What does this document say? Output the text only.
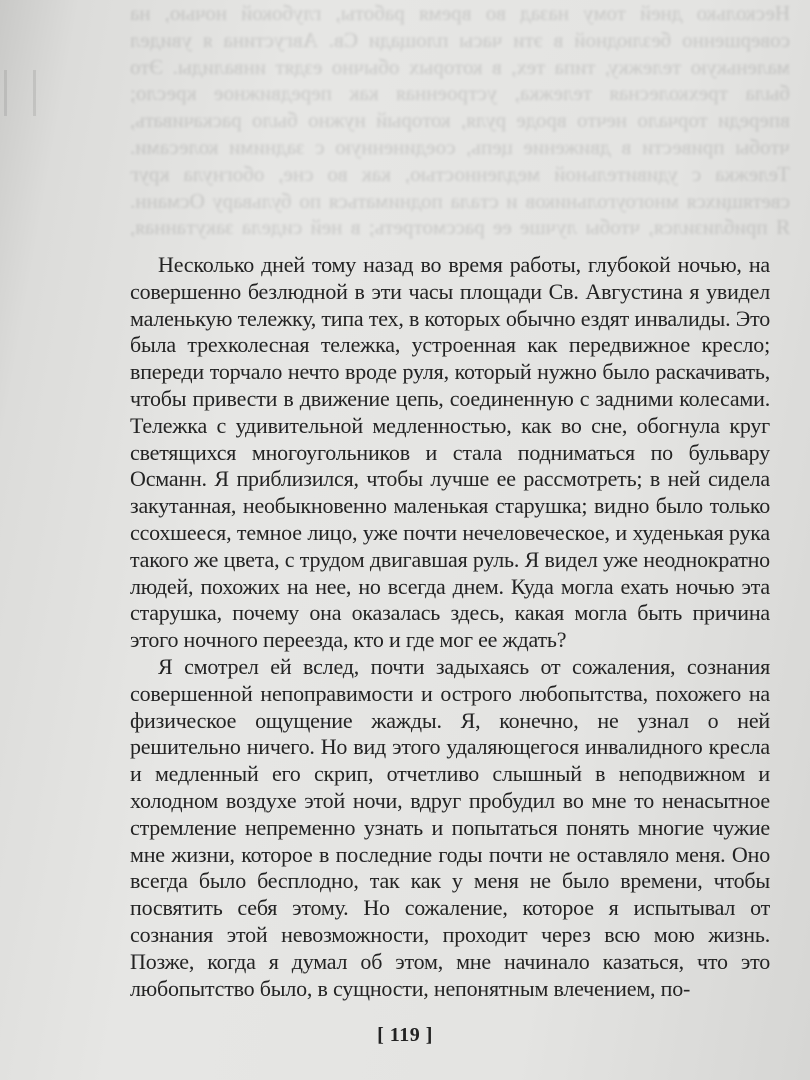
Несколько дней тому назад во время работы, глубокой ночью, на совершенно безлюдной в эти часы площади Св. Августина я увидел маленькую тележку, типа тех, в которых обычно ездят инвалиды. Это была трехколесная тележка, устроенная как передвижное кресло; впереди торчало нечто вроде руля, который нужно было раскачивать, чтобы привести в движение цепь, соединенную с задними колесами. Тележка с удивительной медленностью, как во сне, обогнула круг светящихся многоугольников и стала подниматься по бульвару Османн. Я приблизился, чтобы лучше ее рассмотреть; в ней сидела закутанная,

Несколько дней тому назад во время работы, глубокой ночью, на совершенно безлюдной в эти часы площади Св. Августина я увидел маленькую тележку, типа тех, в которых обычно ездят инвалиды. Это была трехколесная тележка, устроенная как передвижное кресло; впереди торчало нечто вроде руля, который нужно было раскачивать, чтобы привести в движение цепь, соединенную с задними колесами. Тележка с удивительной медленностью, как во сне, обогнула круг светящихся многоугольников и стала подниматься по бульвару Османн. Я приблизился, чтобы лучше ее рассмотреть; в ней сидела закутанная, необыкновенно маленькая старушка; видно было только ссохшееся, темное лицо, уже почти нечеловеческое, и худенькая рука такого же цвета, с трудом двигавшая руль. Я видел уже неоднократно людей, похожих на нее, но всегда днем. Куда могла ехать ночью эта старушка, почему она оказалась здесь, какая могла быть причина этого ночного переезда, кто и где мог ее ждать?

Я смотрел ей вслед, почти задыхаясь от сожаления, сознания совершенной непоправимости и острого любопытства, похожего на физическое ощущение жажды. Я, конечно, не узнал о ней решительно ничего. Но вид этого удаляющегося инвалидного кресла и медленный его скрип, отчетливо слышный в неподвижном и холодном воздухе этой ночи, вдруг пробудил во мне то ненасытное стремление непременно узнать и попытаться понять многие чужие мне жизни, которое в последние годы почти не оставляло меня. Оно всегда было бесплодно, так как у меня не было времени, чтобы посвятить себя этому. Но сожаление, которое я испытывал от сознания этой невозможности, проходит через всю мою жизнь. Позже, когда я думал об этом, мне начинало казаться, что это любопытство было, в сущности, непонятным влечением, по-

[ 119 ]
